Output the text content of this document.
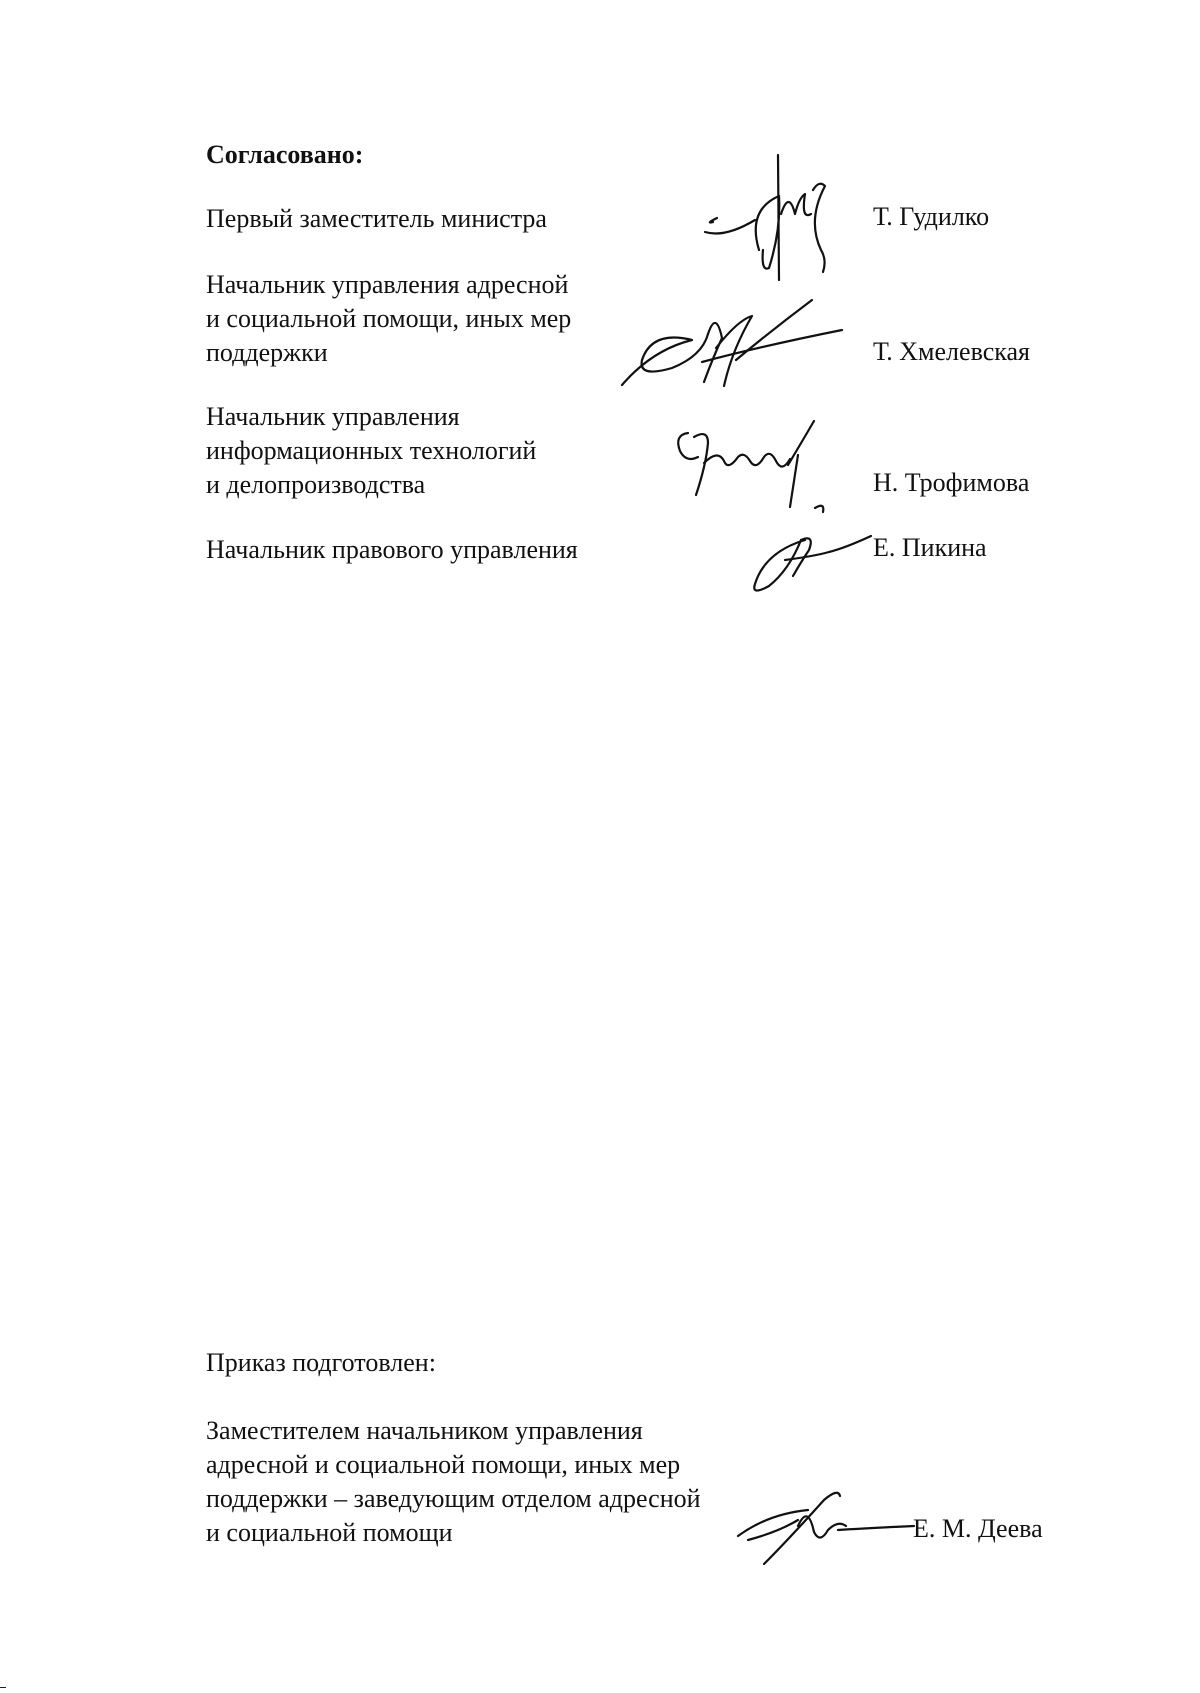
Согласовано:

Первый заместитель министра	Т. Гудилко

Начальник управления адресной
и социальной помощи, иных мер
поддержки	Т. Хмелевская

Начальник управления
информационных технологий
и делопроизводства	Н. Трофимова

Начальник правового управления	Е. Пикина

Приказ подготовлен:

Заместителем начальником управления
адресной и социальной помощи, иных мер
поддержки – заведующим отделом адресной
и социальной помощи	Е. М. Деева
